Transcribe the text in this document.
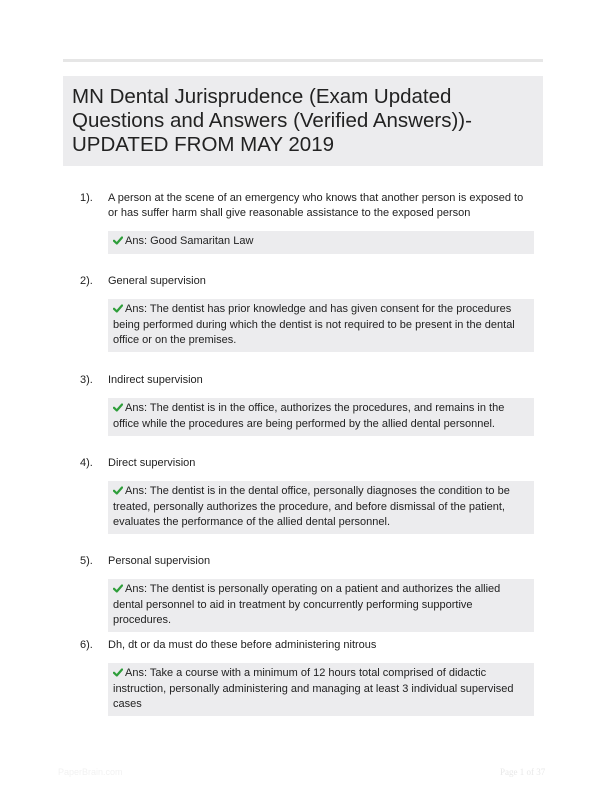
MN Dental Jurisprudence (Exam Updated Questions and Answers (Verified Answers))- UPDATED FROM MAY 2019
1). A person at the scene of an emergency who knows that another person is exposed to or has suffer harm shall give reasonable assistance to the exposed person
Ans: Good Samaritan Law
2). General supervision
Ans: The dentist has prior knowledge and has given consent for the procedures being performed during which the dentist is not required to be present in the dental office or on the premises.
3). Indirect supervision
Ans: The dentist is in the office, authorizes the procedures, and remains in the office while the procedures are being performed by the allied dental personnel.
4). Direct supervision
Ans: The dentist is in the dental office, personally diagnoses the condition to be treated, personally authorizes the procedure, and before dismissal of the patient, evaluates the performance of the allied dental personnel.
5). Personal supervision
Ans: The dentist is personally operating on a patient and authorizes the allied dental personnel to aid in treatment by concurrently performing supportive procedures.
6). Dh, dt or da must do these before administering nitrous
Ans: Take a course with a minimum of 12 hours total comprised of didactic instruction, personally administering and managing at least 3 individual supervised cases
PaperBrain.com	Page 1 of 37
